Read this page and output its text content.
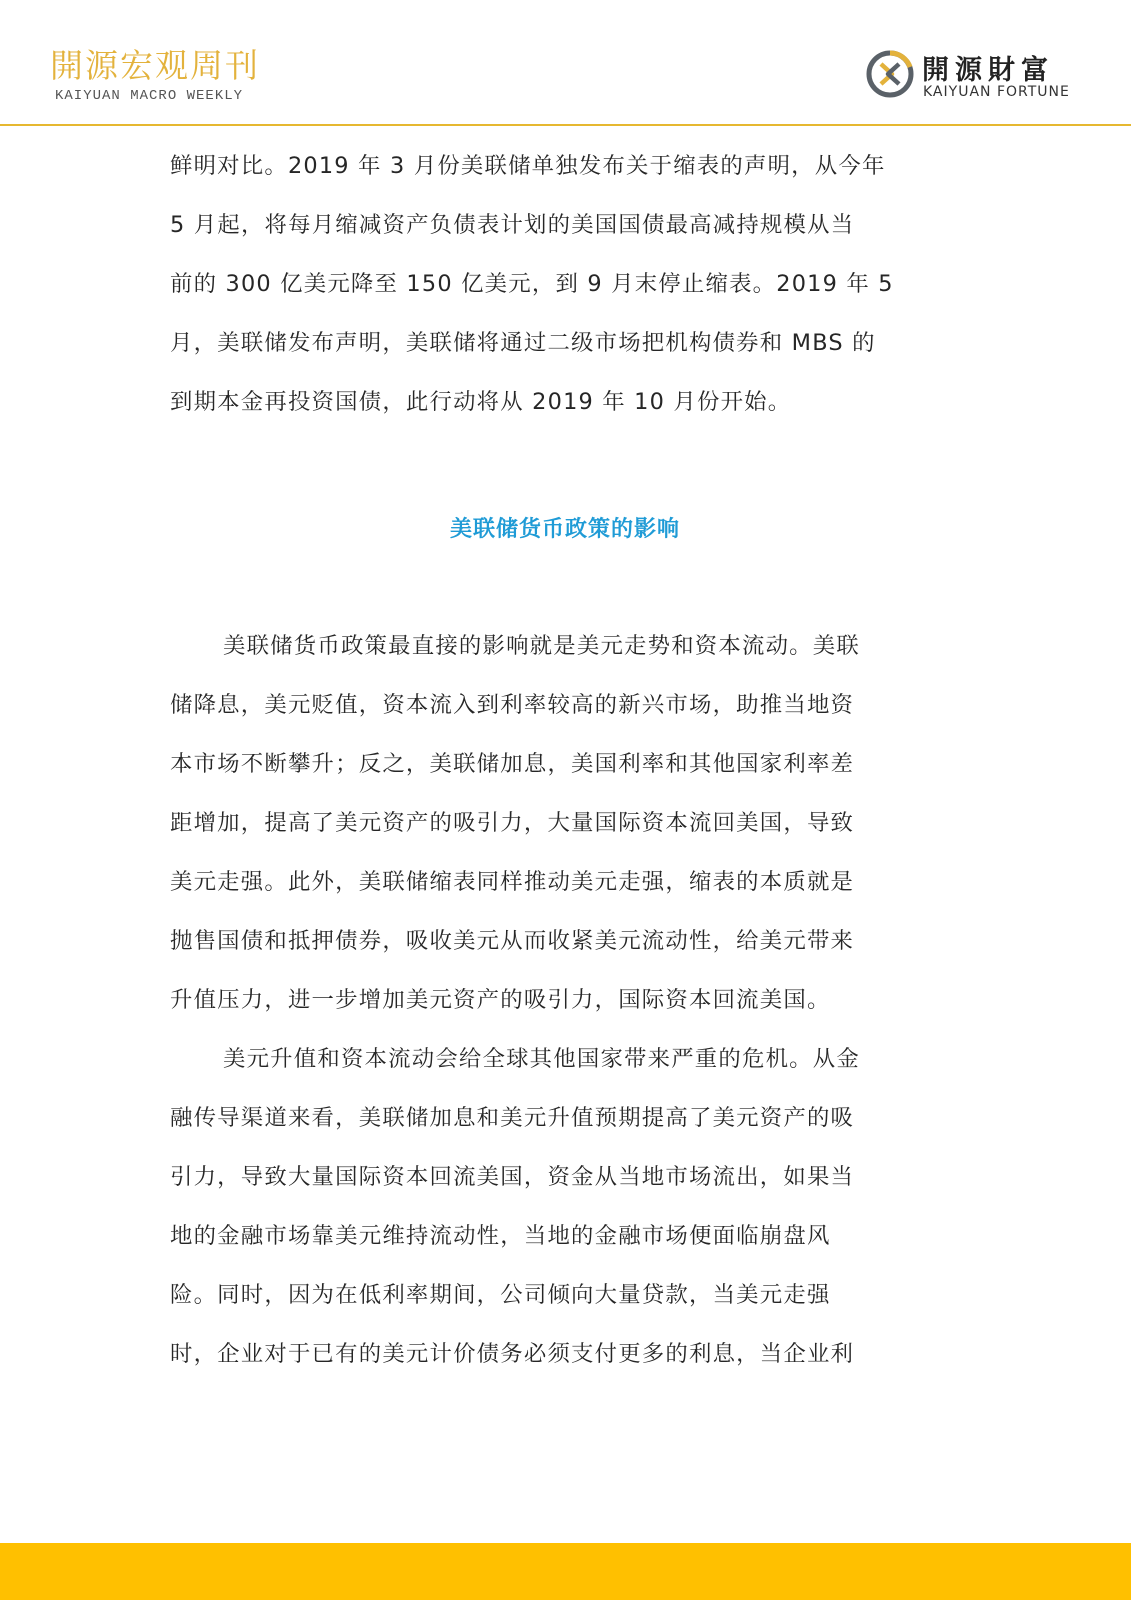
開源宏观周刊
KAIYUAN MACRO WEEKLY
開源財富
KAIYUAN FORTUNE

鲜明对比。2019 年 3 月份美联储单独发布关于缩表的声明，从今年

5 月起，将每月缩减资产负债表计划的美国国债最高减持规模从当

前的 300 亿美元降至 150 亿美元，到 9 月末停止缩表。2019 年 5

月，美联储发布声明，美联储将通过二级市场把机构债券和 MBS 的

到期本金再投资国债，此行动将从 2019 年 10 月份开始。

美联储货币政策的影响

美联储货币政策最直接的影响就是美元走势和资本流动。美联

储降息，美元贬值，资本流入到利率较高的新兴市场，助推当地资

本市场不断攀升；反之，美联储加息，美国利率和其他国家利率差

距增加，提高了美元资产的吸引力，大量国际资本流回美国，导致

美元走强。此外，美联储缩表同样推动美元走强，缩表的本质就是

抛售国债和抵押债券，吸收美元从而收紧美元流动性，给美元带来

升值压力，进一步增加美元资产的吸引力，国际资本回流美国。

美元升值和资本流动会给全球其他国家带来严重的危机。从金

融传导渠道来看，美联储加息和美元升值预期提高了美元资产的吸

引力，导致大量国际资本回流美国，资金从当地市场流出，如果当

地的金融市场靠美元维持流动性，当地的金融市场便面临崩盘风

险。同时，因为在低利率期间，公司倾向大量贷款，当美元走强

时，企业对于已有的美元计价债务必须支付更多的利息，当企业利
